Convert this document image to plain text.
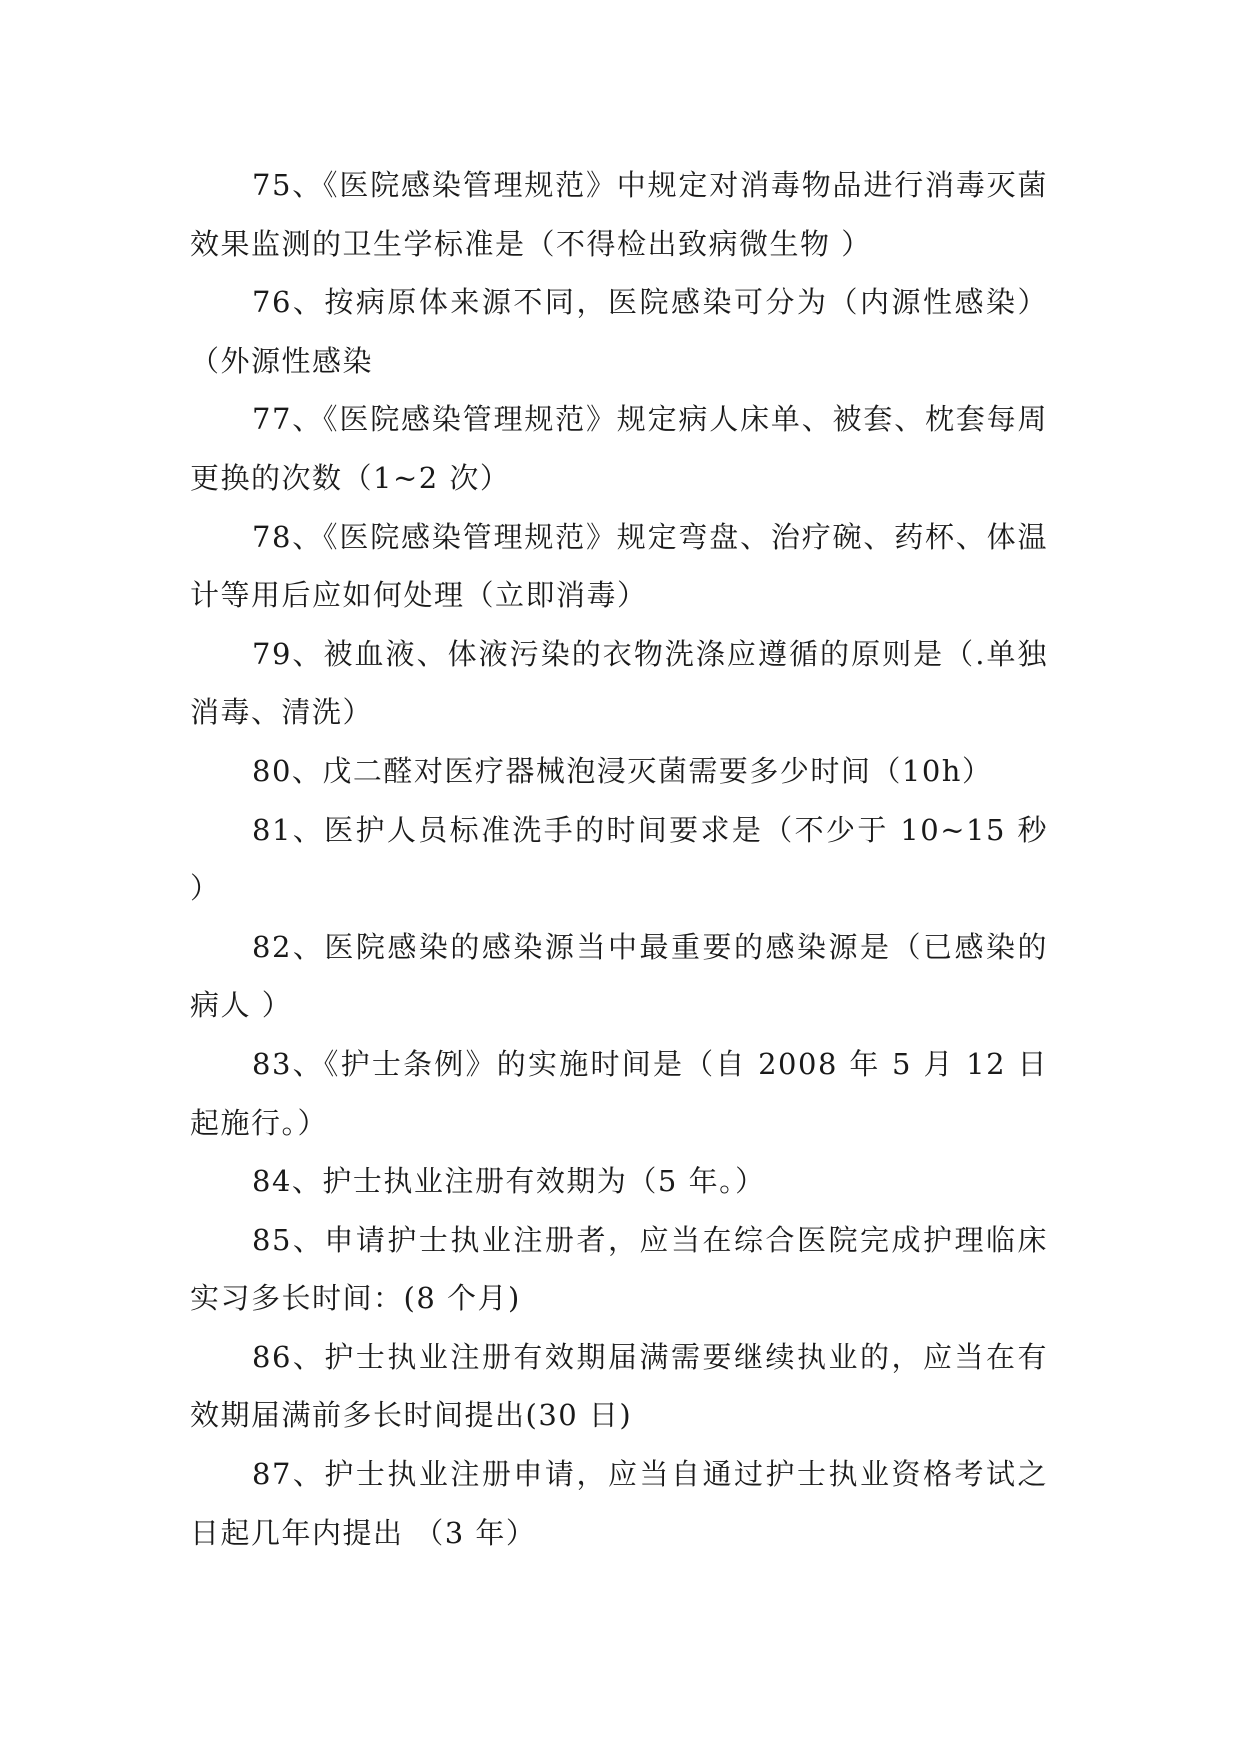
75、《医院感染管理规范》中规定对消毒物品进行消毒灭菌效果监测的卫生学标准是（不得检出致病微生物 ）

76、按病原体来源不同，医院感染可分为（内源性感染）（外源性感染

77、《医院感染管理规范》规定病人床单、被套、枕套每周更换的次数（1~2 次）

78、《医院感染管理规范》规定弯盘、治疗碗、药杯、体温计等用后应如何处理（立即消毒）

79、被血液、体液污染的衣物洗涤应遵循的原则是（.单独消毒、清洗）

80、戊二醛对医疗器械泡浸灭菌需要多少时间（10h）

81、医护人员标准洗手的时间要求是（不少于 10~15 秒 ）

82、医院感染的感染源当中最重要的感染源是（已感染的病人 ）

83、《护士条例》的实施时间是（自 2008 年 5 月 12 日起施行。）

84、护士执业注册有效期为（5 年。）

85、申请护士执业注册者，应当在综合医院完成护理临床实习多长时间：(8 个月)

86、护士执业注册有效期届满需要继续执业的，应当在有效期届满前多长时间提出(30 日)

87、护士执业注册申请，应当自通过护士执业资格考试之日起几年内提出 （3 年）
